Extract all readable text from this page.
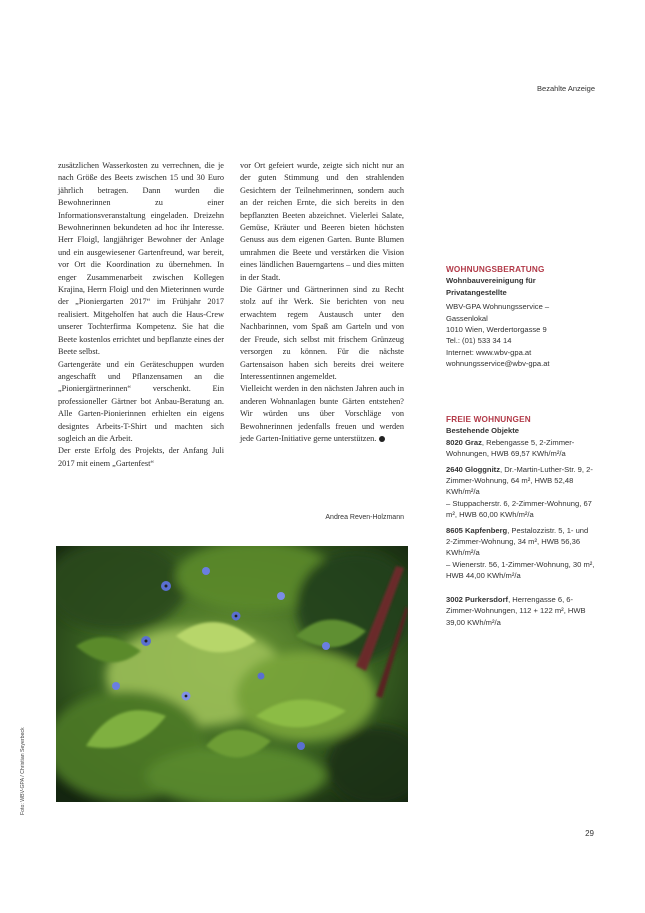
Bezahlte Anzeige

zusätzlichen Wasserkosten zu verrechnen, die je nach Größe des Beets zwischen 15 und 30 Euro jährlich betragen. Dann wurden die Bewohnerinnen zu einer Informationsveranstaltung eingeladen. Dreizehn Bewohnerinnen bekundeten ad hoc ihr Interesse. Herr Floigl, langjähriger Bewohner der Anlage und ein ausgewiesener Gartenfreund, war bereit, vor Ort die Koordination zu übernehmen. In enger Zusammenarbeit zwischen Kollegen Krajina, Herrn Floigl und den Mieterinnen wurde der „Pioniergarten 2017“ im Frühjahr 2017 realisiert. Mitgeholfen hat auch die Haus-Crew unserer Tochterfirma Kompetenz. Sie hat die Beete kostenlos errichtet und bepflanzte eines der Beete selbst.

Gartengeräte und ein Geräteschuppen wurden angeschafft und Pflanzensamen an die „Pioniergärtnerinnen“ verschenkt. Ein professioneller Gärtner bot Anbau-Beratung an. Alle Garten-Pionierinnen erhielten ein eigens designtes Arbeits-T-Shirt und machten sich sogleich an die Arbeit.

Der erste Erfolg des Projekts, der Anfang Juli 2017 mit einem „Gartenfest“

vor Ort gefeiert wurde, zeigte sich nicht nur an der guten Stimmung und den strahlenden Gesichtern der Teilnehmerinnen, sondern auch an der reichen Ernte, die sich bereits in den bepflanzten Beeten abzeichnet. Vielerlei Salate, Gemüse, Kräuter und Beeren bieten höchsten Genuss aus dem eigenen Garten. Bunte Blumen umrahmen die Beete und verstärken die Vision eines ländlichen Bauerngartens – und dies mitten in der Stadt.

Die Gärtner und Gärtnerinnen sind zu Recht stolz auf ihr Werk. Sie berichten von neu erwachtem regem Austausch unter den Nachbarinnen, vom Spaß am Garteln und von der Freude, sich selbst mit frischem Grünzeug versorgen zu können. Für die nächste Gartensaison haben sich bereits drei weitere Interessentinnen angemeldet.

Vielleicht werden in den nächsten Jahren auch in anderen Wohnanlagen bunte Gärten entstehen? Wir würden uns über Vorschläge von Bewohnerinnen jedenfalls freuen und werden jede Garten-Initiative gerne unterstützen.

Andrea Reven-Holzmann

WOHNUNGSBERATUNG

Wohnbauvereinigung für Privatangestellte

WBV-GPA Wohnungsservice –

Gassenlokal

1010 Wien, Werdertorgasse 9

Tel.: (01) 533 34 14

Internet: www.wbv-gpa.at

wohnungsservice@wbv-gpa.at

FREIE WOHNUNGEN

Bestehende Objekte

8020 Graz, Rebengasse 5, 2-Zimmer-Wohnungen, HWB 69,57 KWh/m²/a

2640 Gloggnitz, Dr.-Martin-Luther-Str. 9, 2-Zimmer-Wohnung, 64 m², HWB 52,48 KWh/m²/a

– Stuppacherstr. 6, 2-Zimmer-Wohnung, 67 m², HWB 60,00 KWh/m²/a

8605 Kapfenberg, Pestalozzistr. 5, 1- und 2-Zimmer-Wohnung, 34 m², HWB 56,36 KWh/m²/a

– Wienerstr. 56, 1-Zimmer-Wohnung, 30 m², HWB 44,00 KWh/m²/a

3002 Purkersdorf, Herrengasse 6, 6-Zimmer-Wohnungen, 112 + 122 m², HWB 39,00 KWh/m²/a

Foto: WBV-GPA / Christian Seyerbeck
29
